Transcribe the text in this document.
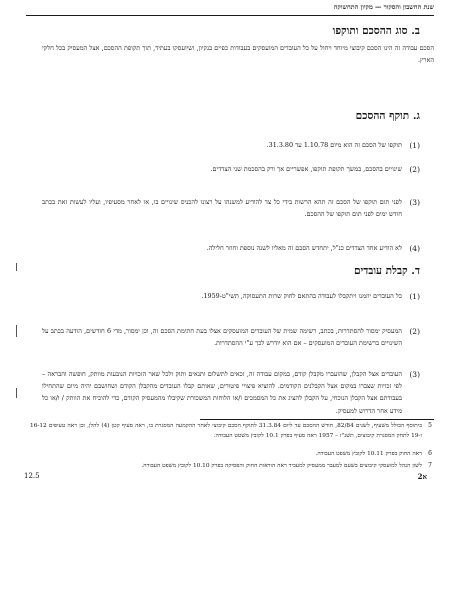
שנת החשבון והסקור — מקיון התחשוקה
ב. סוג ההסכם ותוקפו
הסכם עבודה זה הינו הסכם קיבוצי מיוחד ויחול על כל העובדים המועסקים בעבודות כפיים בנקיון, ושיועסקו בעתיד, תוך תקופת ההסכם, אצל המעסיק בכל חלקי הארץ.
ג. תוקף ההסכם
(1)
תוקפו של הסכם זה הוא מיום 1.10.78 עד 31.3.80.
(2)
שינויים בהסכם, במשך תקופת תוקפו, אפשריים אך ורק בהסכמת שני הצדדים.
(3)
לפני תום תוקפו של הסכם זה תהא הרשות בידי כל צד להודיע למשנהו על רצונו להכניס שינויים בו, או לאחר מסעיפיו, ועליו לעשות זאת בכתב חודש ימים לפני תום תוקפו של ההסכם.
(4)
לא הודיע אחד הצדדים כנ"ל, יתחדש הסכם זה מאליו לשנה נוספת וחוזר חלילה.
ד. קבלת עובדים
(1)
כל העובדים יוזמנו ויתקבלו לעבודה בהתאם לחוק שרות התעסוקה, תשי"ט-1959.
(2)
המעסיק ימסור להסתדרות, בכתב, רשימה שמית של העובדים המועסקים אצלו בעת חתימת הסכם זה, וכן ימסור, מדי 6 חודשים, הודעה בכתב על השינויים ברשימת העובדים המועסקים – אם הוא יודרש לכך ע"י ההסתדרות.
(3)
העובדים אצל הקבלן, שהועברו מקבלן קודם, במקום עבודה זה, זכאים לתשלום ותנאים ותוק ולכל שאר הזכויות הנובעות מוותק, חופשה והבראה – לפי זכויות שצברו במקום אצל הקבלנים הקודמים. להוציא פיצויי פיטורים, שאותם קבלו העובדים מהקבלן הקודם ושחושבם יהיה מיום שהתחילו בעבודתם אצל הקבלן הנוכחי, על הקבלן להציג את כל המסמכים ו/או הלוחות המשכורת שקיבלו מהמעסיק הקודם, כדי להוכיח את הוותק / ו/או כל מידע אחר הדרוש למעסיק.
5
ביתוסף הכולל משעיף, לשנים 82/84, חודש ההסכם עד ליום 31.3.84 לתוקף הסכם קיבוצי לאחר ההקמעה המסגרת בו, ראה סעיף קטן (4) להלן, וכן ראה טעיפים 16-12 ו-19 לתחק המסגרת קיבוצים, תשנ"ז – 1957 ראה סעיף בפרק 10.1 לקובץ משטט העבודה.
6
ראה החוק בפרק 10.11 לקובץ משפט העבודה.
7
לשון הנהל למועסקי קיבוצים בשעם למעבר ממעסיק למעביד ראה הוראות החוק והפסיקה בפרק 10.10 לקובץ משפט העבודה.
12.5	א2
